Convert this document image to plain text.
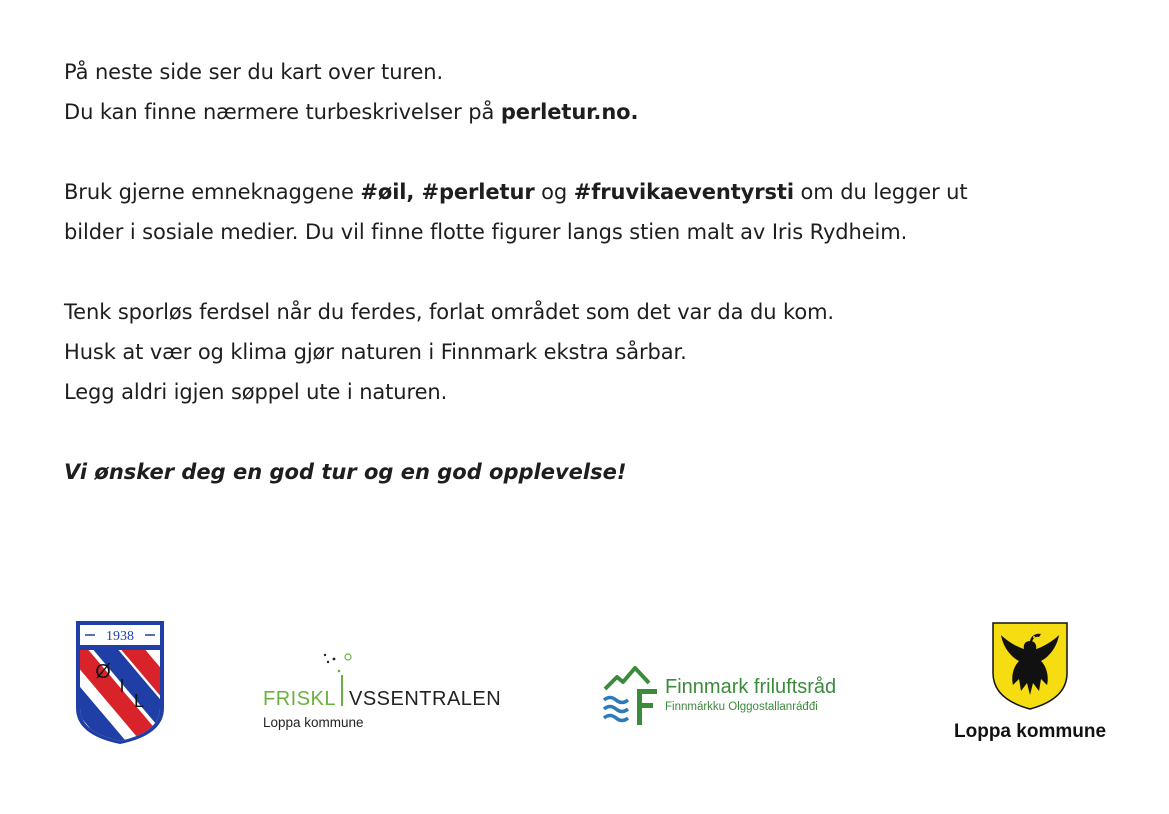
På neste side ser du kart over turen.

Du kan finne nærmere turbeskrivelser på perletur.no.

Bruk gjerne emneknaggene #øil, #perletur og #fruvikaeventyrsti om du legger ut

bilder i sosiale medier. Du vil finne flotte figurer langs stien malt av Iris Rydheim.

Tenk sporløs ferdsel når du ferdes, forlat området som det var da du kom.

Husk at vær og klima gjør naturen i Finnmark ekstra sårbar.

Legg aldri igjen søppel ute i naturen.

Vi ønsker deg en god tur og en god opplevelse!

1938
Ø
I
L	FRISKL VSSENTRALEN
Loppa kommune
Finnmark friluftsråd
Finnmárkku Olggostallanráđđi
Loppa kommune
